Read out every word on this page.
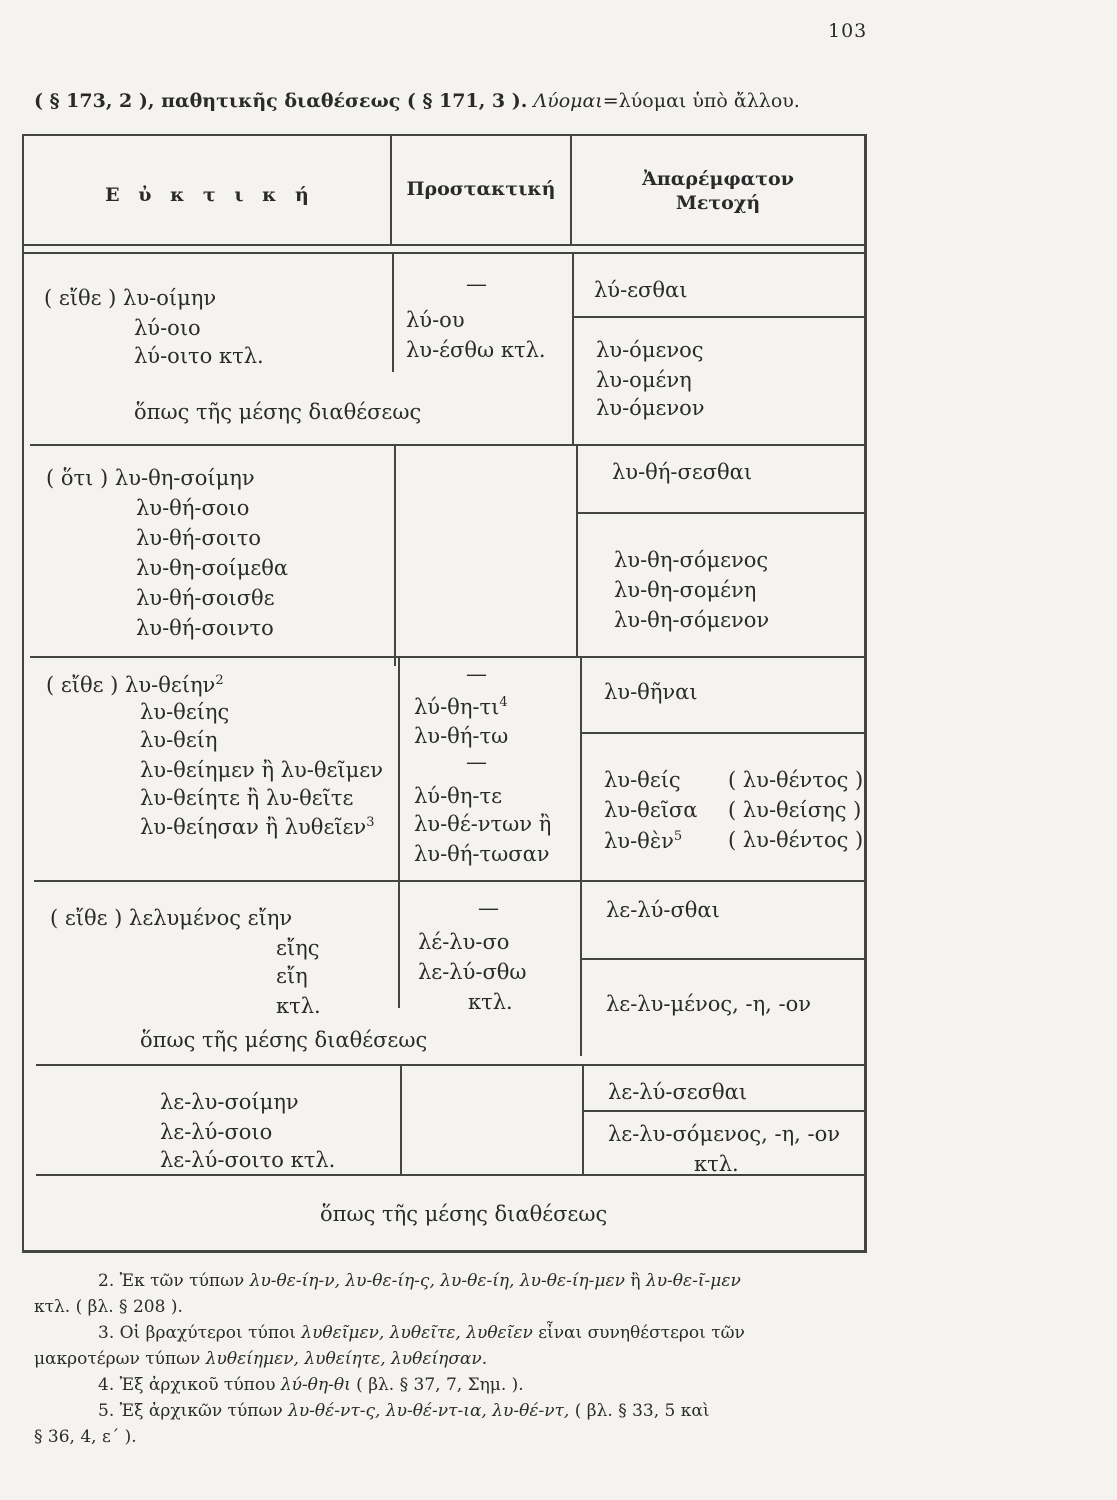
103
( § 173, 2 ), παθητικῆς διαθέσεως ( § 171, 3 ). Λύομαι=λύομαι ὑπὸ ἄλλου.
Ε ὐ κ τ ι κ ή	Προστακτική	Ἀπαρέμφατον
Μετοχή
( εἴθε ) λυ-οίμην
λύ-οιο
λύ-οιτο κτλ.
—
λύ-ου
λυ-έσθω κτλ.
λύ-εσθαι
λυ-όμενος
λυ-ομένη
λυ-όμενον
ὅπως τῆς μέσης διαθέσεως
( ὅτι ) λυ-θη-σοίμην
λυ-θή-σοιο
λυ-θή-σοιτο
λυ-θη-σοίμεθα
λυ-θή-σοισθε
λυ-θή-σοιντο
λυ-θή-σεσθαι
λυ-θη-σόμενος
λυ-θη-σομένη
λυ-θη-σόμενον
( εἴθε ) λυ-θείην$^2$
λυ-θείης
λυ-θείη
λυ-θείημεν ἢ λυ-θεῖμεν
λυ-θείητε ἢ λυ-θεῖτε
λυ-θείησαν ἢ λυθεῖεν$^3$
—
$\lambda ύ-\theta\eta-\tau\iota^4$
λυ-θή-τω
—
λύ-θη-τε
λυ-θέ-ντων ἢ
λυ-θή-τωσαν
λυ-θῆναι
λυ-θείς
λυ-θεῖσα
λυ-θὲν$^5$
( λυ-θέντος )
( λυ-θείσης )
( λυ-θέντος )
( εἴθε ) λελυμένος εἴην
εἴης
εἴη
κτλ.
—
λέ-λυ-σο
λε-λύ-σθω
κτλ.
λε-λύ-σθαι
λε-λυ-μένος, -η, -ον
ὅπως τῆς μέσης διαθέσεως
λε-λυ-σοίμην
λε-λύ-σοιο
λε-λύ-σοιτο κτλ.
λε-λύ-σεσθαι
λε-λυ-σόμενος, -η, -ον
κτλ.
ὅπως τῆς μέσης διαθέσεως
2. Ἐκ τῶν τύπων λυ-θε-ίη-ν, λυ-θε-ίη-ς, λυ-θε-ίη, λυ-θε-ίη-μεν ἢ λυ-θε-ῖ-μεν
κτλ. ( βλ. § 208 ).
3. Οἱ βραχύτεροι τύποι λυθεῖμεν, λυθεῖτε, λυθεῖεν εἶναι συνηθέστεροι τῶν
μακροτέρων τύπων λυθείημεν, λυθείητε, λυθείησαν.
4. Ἐξ ἀρχικοῦ τύπου λύ-θη-θι ( βλ. § 37, 7, Σημ. ).
5. Ἐξ ἀρχικῶν τύπων λυ-θέ-ντ-ς, λυ-θέ-ντ-ια, λυ-θέ-ντ, ( βλ. § 33, 5 καὶ
§ 36, 4, ε΄ ).
